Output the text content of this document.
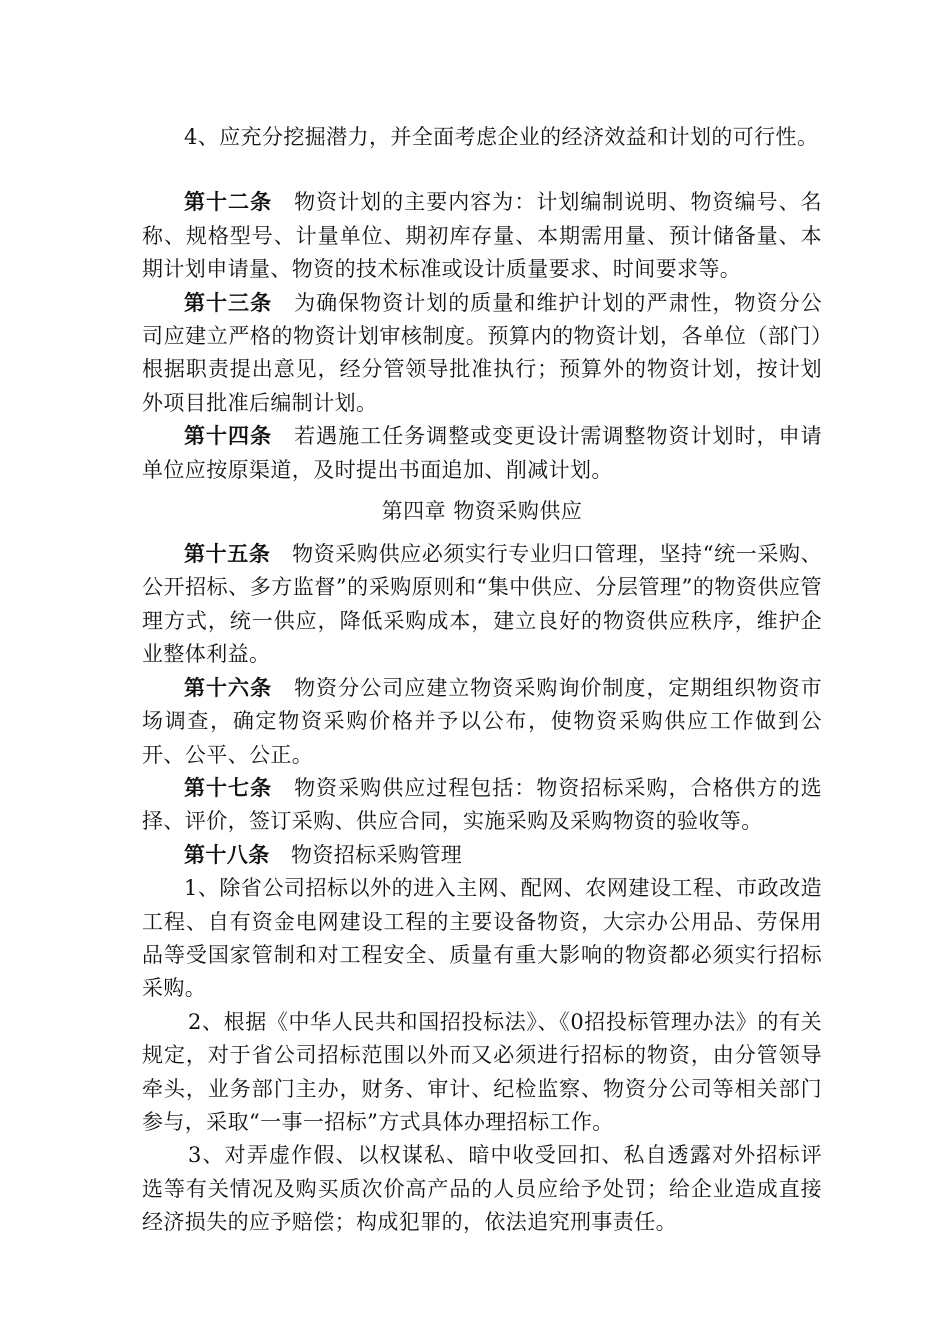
4、应充分挖掘潜力，并全面考虑企业的经济效益和计划的可行性。

第十二条　物资计划的主要内容为：计划编制说明、物资编号、名称、规格型号、计量单位、期初库存量、本期需用量、预计储备量、本期计划申请量、物资的技术标准或设计质量要求、时间要求等。

第十三条　为确保物资计划的质量和维护计划的严肃性，物资分公司应建立严格的物资计划审核制度。预算内的物资计划，各单位（部门）根据职责提出意见，经分管领导批准执行；预算外的物资计划，按计划外项目批准后编制计划。

第十四条　若遇施工任务调整或变更设计需调整物资计划时，申请单位应按原渠道，及时提出书面追加、削减计划。

第四章 物资采购供应

第十五条　物资采购供应必须实行专业归口管理，坚持“统一采购、公开招标、多方监督”的采购原则和“集中供应、分层管理”的物资供应管理方式，统一供应，降低采购成本，建立良好的物资供应秩序，维护企业整体利益。

第十六条　物资分公司应建立物资采购询价制度，定期组织物资市场调查，确定物资采购价格并予以公布，使物资采购供应工作做到公开、公平、公正。

第十七条　物资采购供应过程包括：物资招标采购，合格供方的选择、评价，签订采购、供应合同，实施采购及采购物资的验收等。

第十八条　物资招标采购管理

1、除省公司招标以外的进入主网、配网、农网建设工程、市政改造工程、自有资金电网建设工程的主要设备物资，大宗办公用品、劳保用品等受国家管制和对工程安全、质量有重大影响的物资都必须实行招标采购。

2、根据《中华人民共和国招投标法》、《0招投标管理办法》的有关规定，对于省公司招标范围以外而又必须进行招标的物资，由分管领导牵头，业务部门主办，财务、审计、纪检监察、物资分公司等相关部门参与，采取“一事一招标”方式具体办理招标工作。

3、对弄虚作假、以权谋私、暗中收受回扣、私自透露对外招标评选等有关情况及购买质次价高产品的人员应给予处罚；给企业造成直接经济损失的应予赔偿；构成犯罪的，依法追究刑事责任。
